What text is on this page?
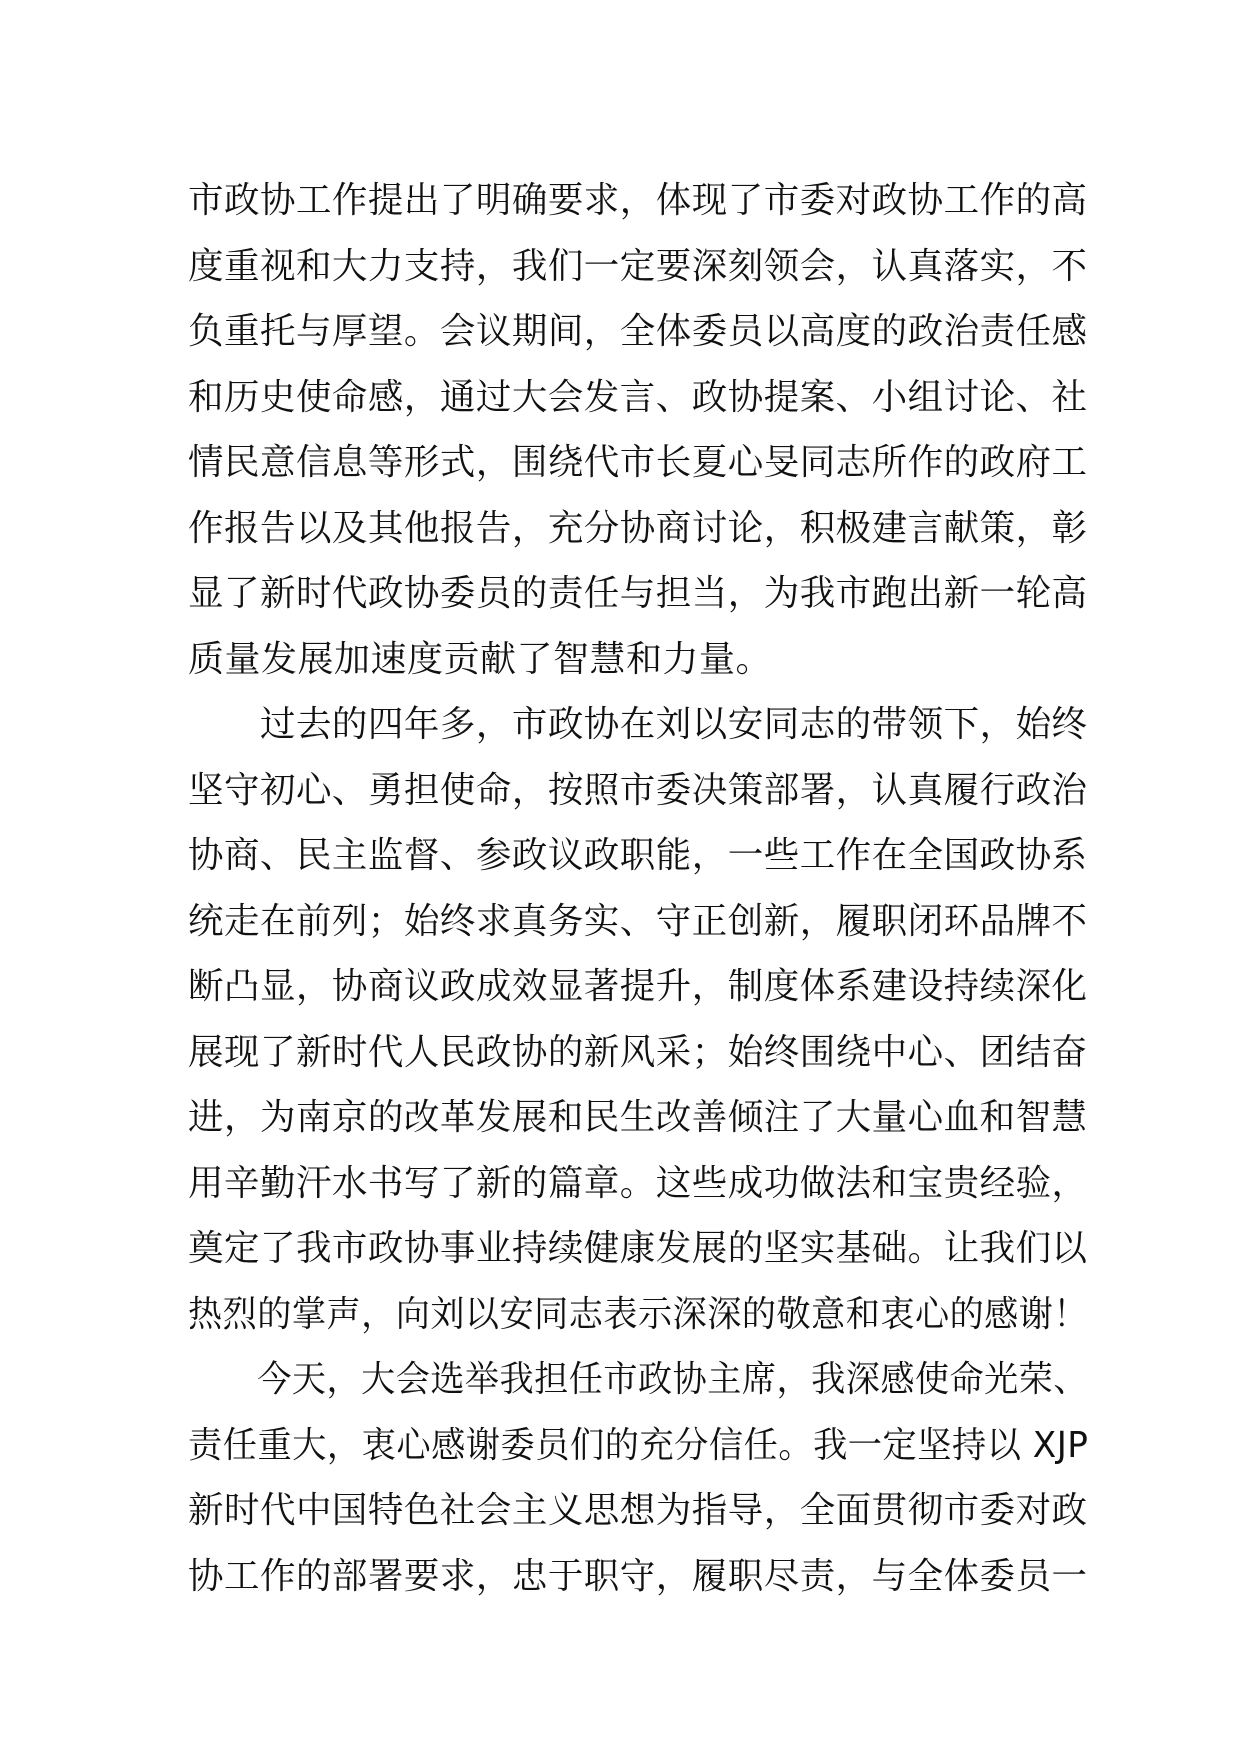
市政协工作提出了明确要求，体现了市委对政协工作的高
度重视和大力支持，我们一定要深刻领会，认真落实，不
负重托与厚望。会议期间，全体委员以高度的政治责任感
和历史使命感，通过大会发言、政协提案、小组讨论、社
情民意信息等形式，围绕代市长夏心旻同志所作的政府工
作报告以及其他报告，充分协商讨论，积极建言献策，彰
显了新时代政协委员的责任与担当，为我市跑出新一轮高
质量发展加速度贡献了智慧和力量。
　　过去的四年多，市政协在刘以安同志的带领下，始终
坚守初心、勇担使命，按照市委决策部署，认真履行政治
协商、民主监督、参政议政职能，一些工作在全国政协系
统走在前列；始终求真务实、守正创新，履职闭环品牌不
断凸显，协商议政成效显著提升，制度体系建设持续深化
展现了新时代人民政协的新风采；始终围绕中心、团结奋
进，为南京的改革发展和民生改善倾注了大量心血和智慧
用辛勤汗水书写了新的篇章。这些成功做法和宝贵经验，
奠定了我市政协事业持续健康发展的坚实基础。让我们以
热烈的掌声，向刘以安同志表示深深的敬意和衷心的感谢！
　　今天，大会选举我担任市政协主席，我深感使命光荣、
责任重大，衷心感谢委员们的充分信任。我一定坚持以 XJP
新时代中国特色社会主义思想为指导，全面贯彻市委对政
协工作的部署要求，忠于职守，履职尽责，与全体委员一
